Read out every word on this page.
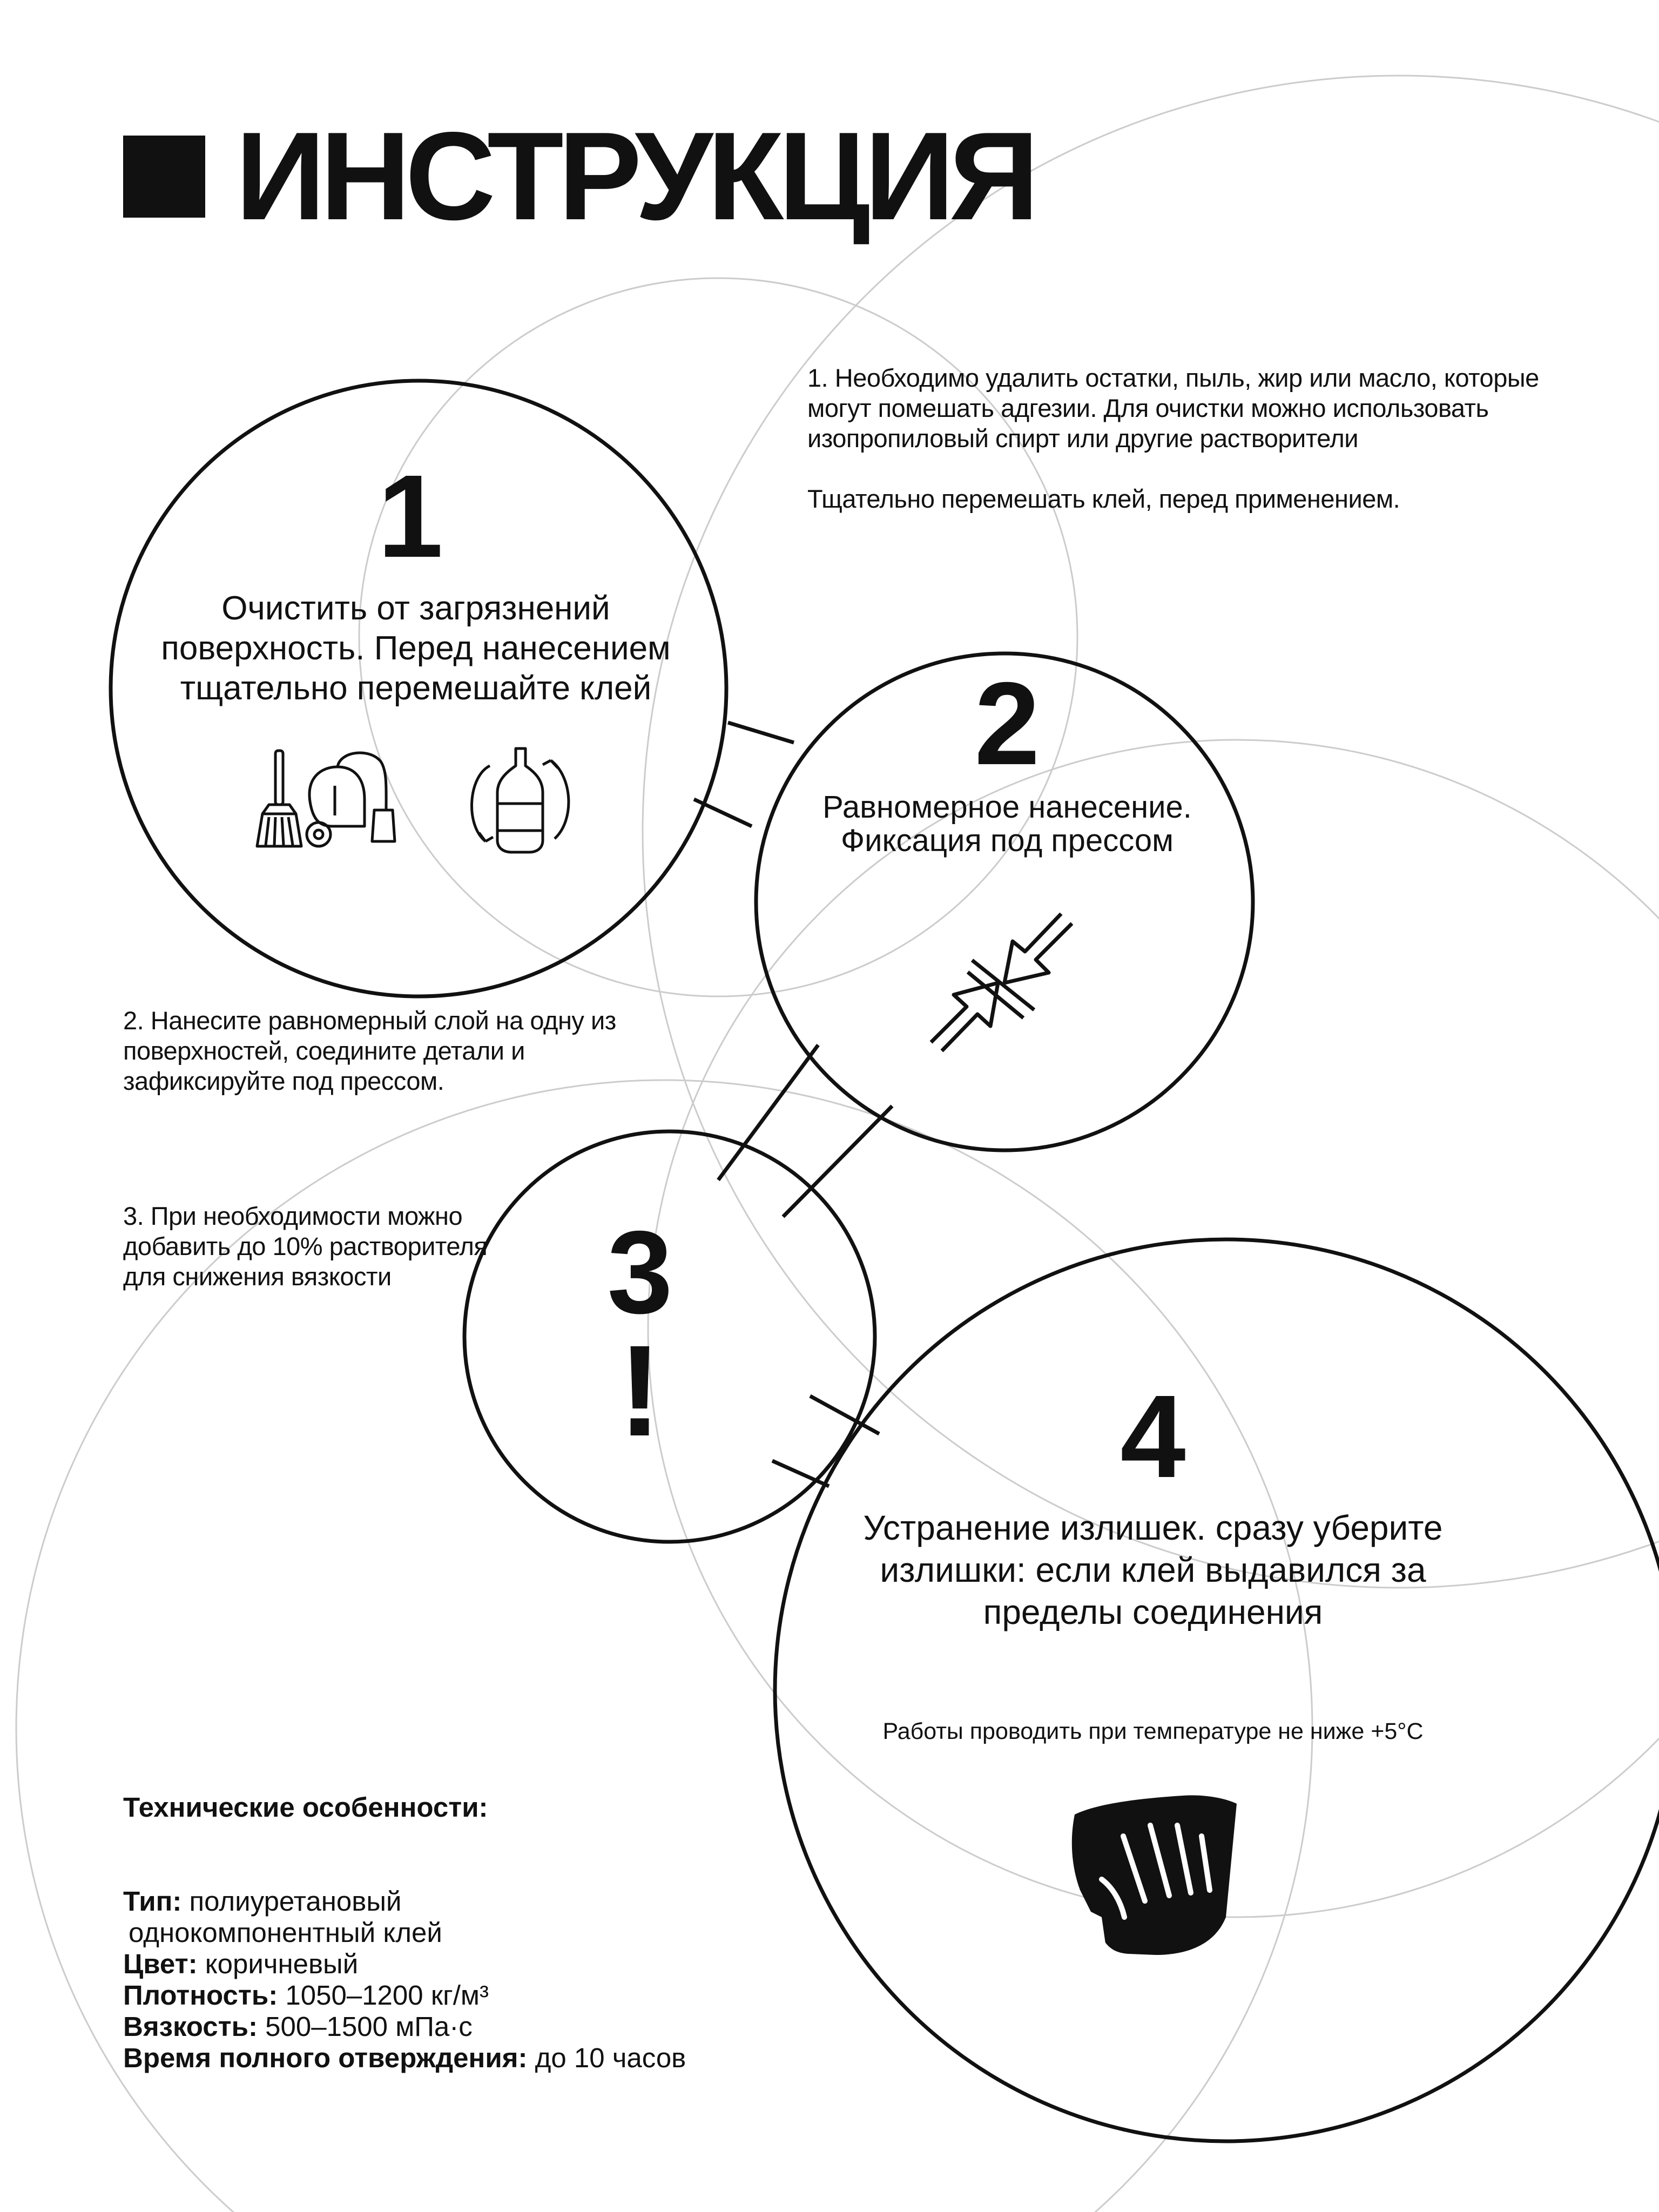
ИНСТРУКЦИЯ

1. Необходимо удалить остатки, пыль, жир или масло, которые могут помешать адгезии. Для очистки можно использовать изопропиловый спирт или другие растворители

Тщательно перемешать клей, перед применением.

2. Нанесите равномерный слой на одну из поверхностей, соедините детали и зафиксируйте под прессом.

3. При необходимости можно добавить до 10% растворителя для снижения вязкости

1
Очистить от загрязнений поверхность. Перед нанесением тщательно перемешайте клей	2
Равномерное нанесение. Фиксация под прессом
3
!	4
Устранение излишек. сразу уберите излишки: если клей выдавился за пределы соединения
Работы проводить при температуре не ниже +5°C
Технические особенности:
Тип: полиуретановый
однокомпонентный клей
Цвет: коричневый
Плотность: 1050–1200 кг/м³
Вязкость: 500–1500 мПа·с
Время полного отверждения: до 10 часов
